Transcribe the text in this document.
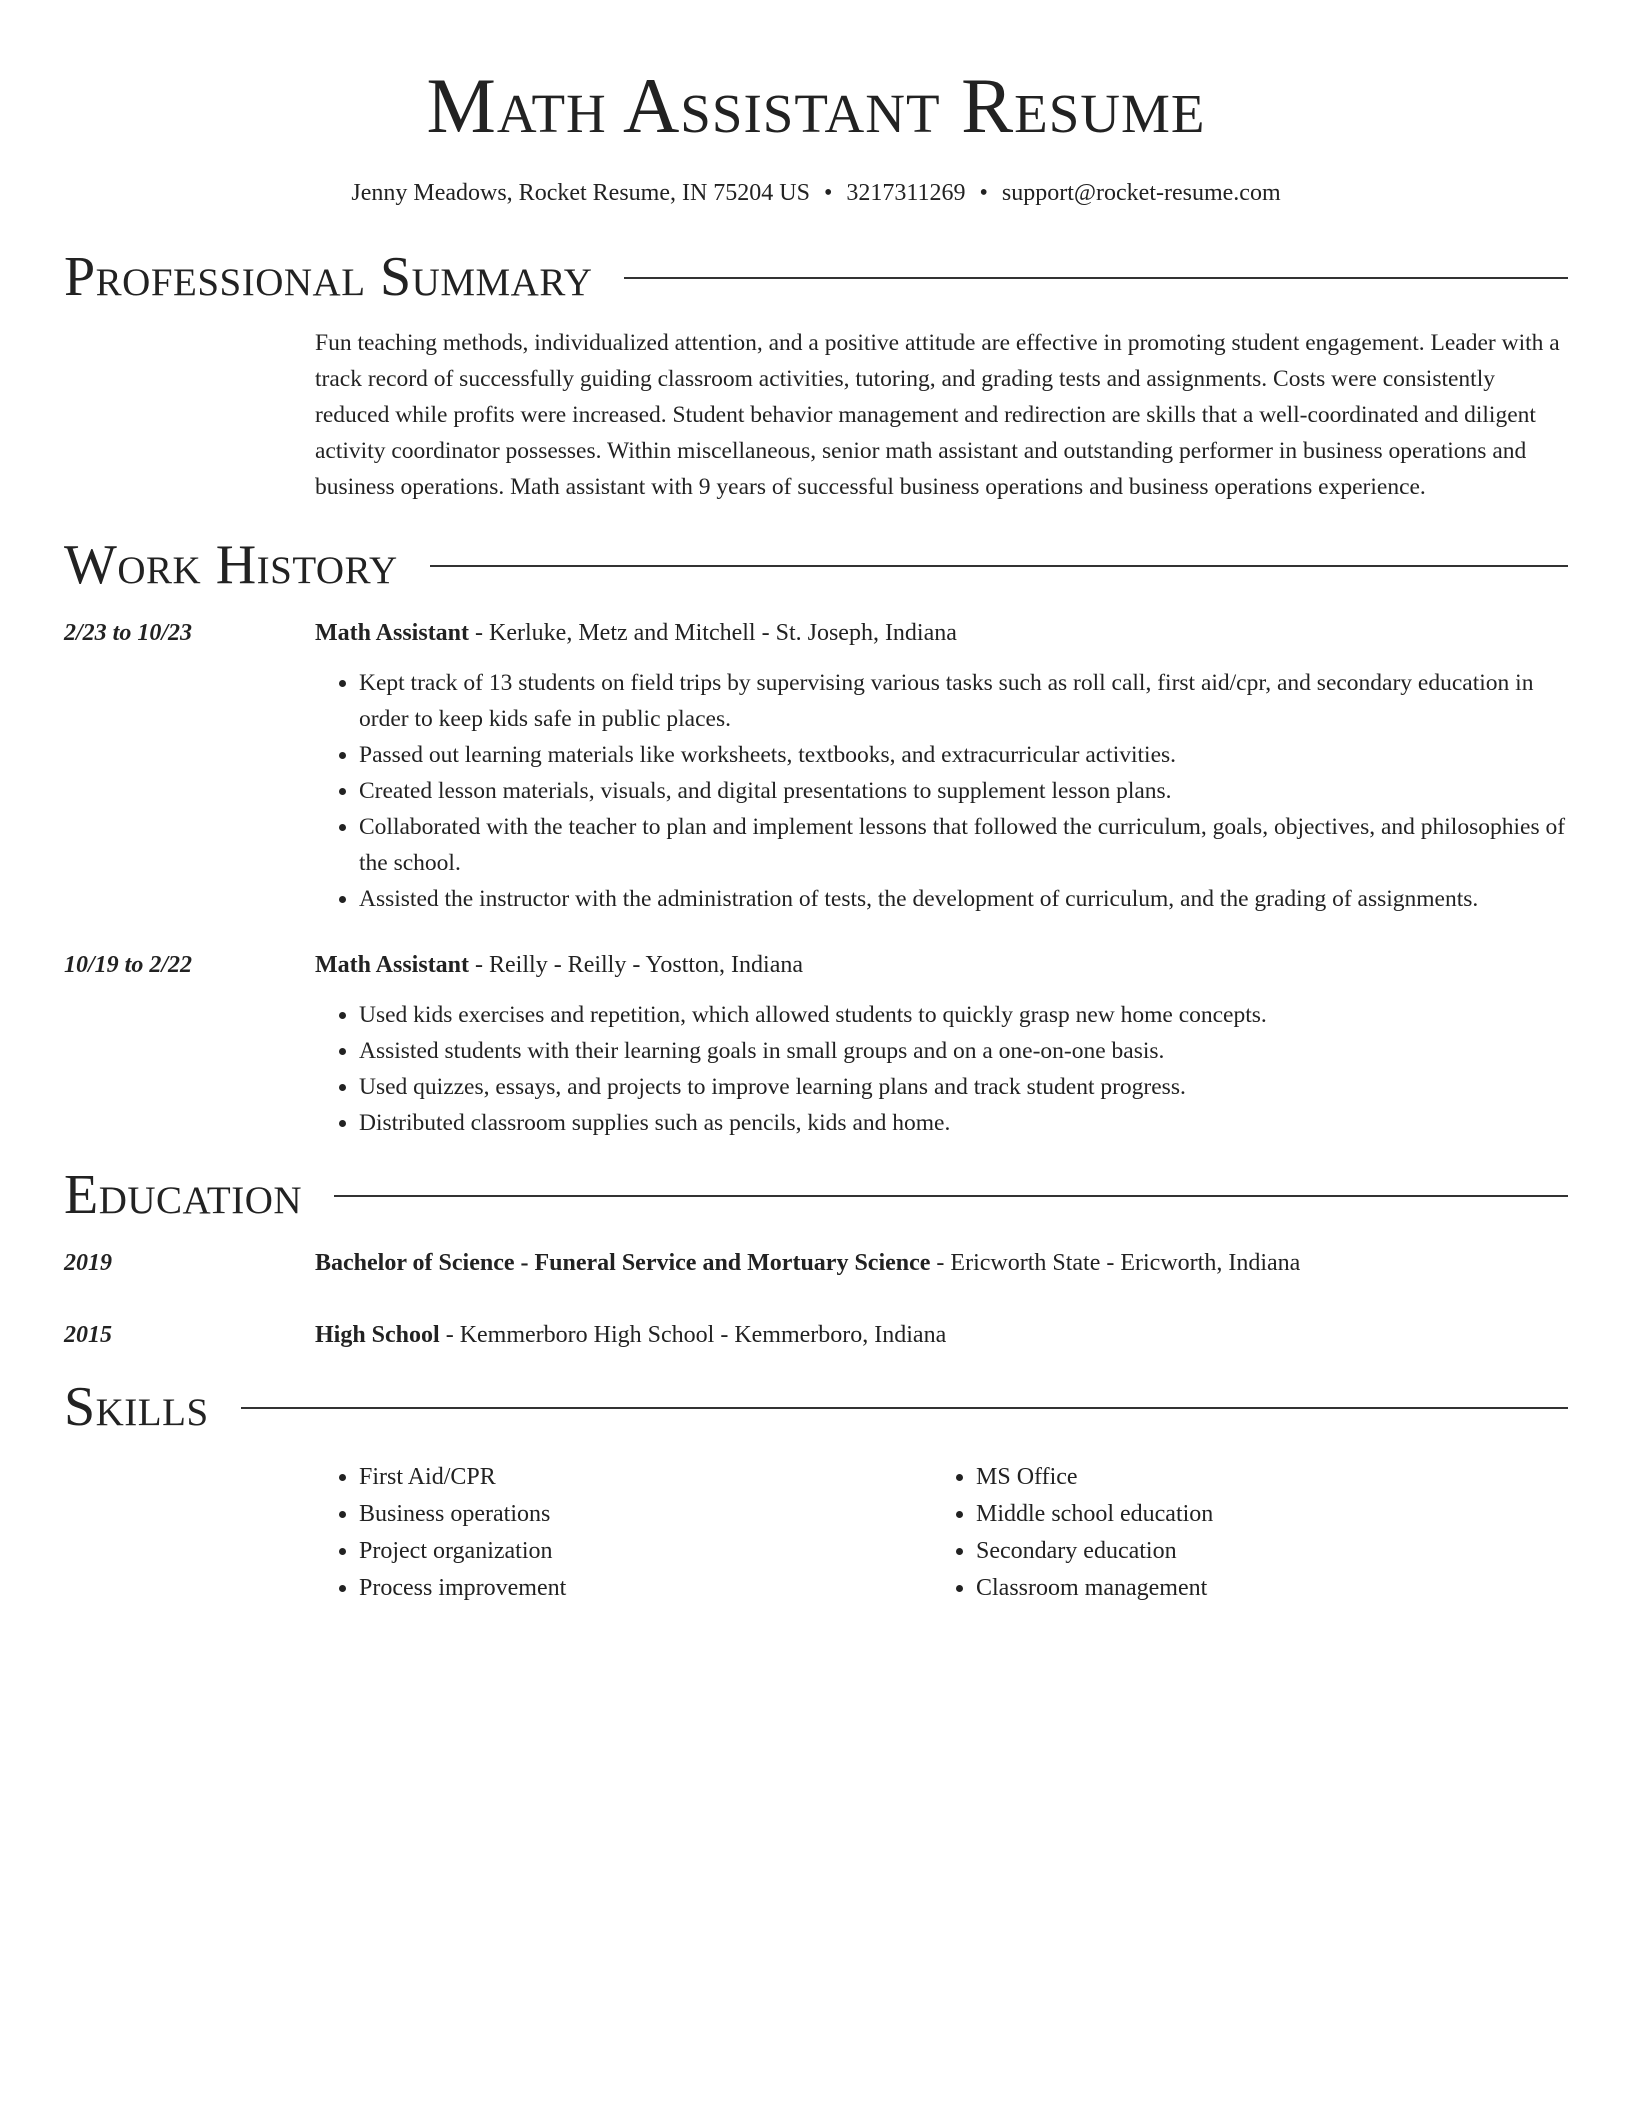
Math Assistant Resume
Jenny Meadows, Rocket Resume, IN 75204 US • 3217311269 • support@rocket-resume.com
Professional Summary
Fun teaching methods, individualized attention, and a positive attitude are effective in promoting student engagement. Leader with a track record of successfully guiding classroom activities, tutoring, and grading tests and assignments. Costs were consistently reduced while profits were increased. Student behavior management and redirection are skills that a well-coordinated and diligent activity coordinator possesses. Within miscellaneous, senior math assistant and outstanding performer in business operations and business operations. Math assistant with 9 years of successful business operations and business operations experience.
Work History
2/23 to 10/23	Math Assistant - Kerluke, Metz and Mitchell - St. Joseph, Indiana
• Kept track of 13 students on field trips by supervising various tasks such as roll call, first aid/cpr, and secondary education in order to keep kids safe in public places.
• Passed out learning materials like worksheets, textbooks, and extracurricular activities.
• Created lesson materials, visuals, and digital presentations to supplement lesson plans.
• Collaborated with the teacher to plan and implement lessons that followed the curriculum, goals, objectives, and philosophies of the school.
• Assisted the instructor with the administration of tests, the development of curriculum, and the grading of assignments.
10/19 to 2/22	Math Assistant - Reilly - Reilly - Yostton, Indiana
• Used kids exercises and repetition, which allowed students to quickly grasp new home concepts.
• Assisted students with their learning goals in small groups and on a one-on-one basis.
• Used quizzes, essays, and projects to improve learning plans and track student progress.
• Distributed classroom supplies such as pencils, kids and home.
Education
2019	Bachelor of Science - Funeral Service and Mortuary Science - Ericworth State - Ericworth, Indiana
2015	High School - Kemmerboro High School - Kemmerboro, Indiana
Skills
• First Aid/CPR
• Business operations
• Project organization
• Process improvement
• MS Office
• Middle school education
• Secondary education
• Classroom management
